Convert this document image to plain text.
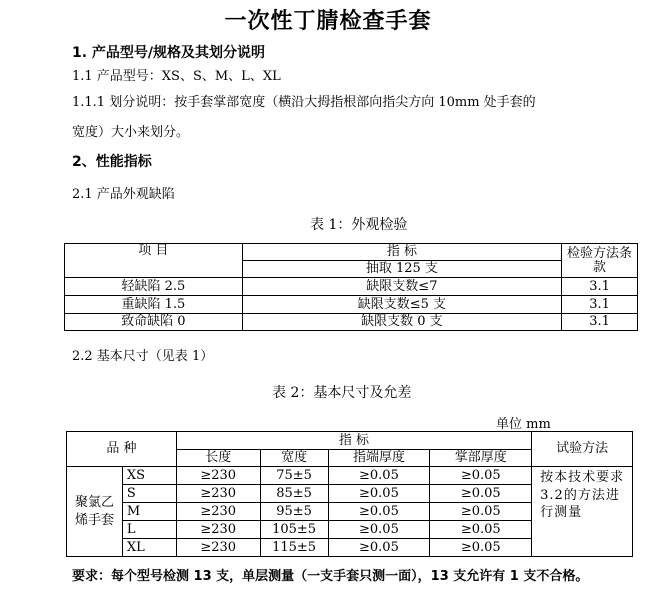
一次性丁腈检查手套
1. 产品型号/规格及其划分说明
1.1 产品型号：XS、S、M、L、XL
1.1.1 划分说明：按手套掌部宽度（横沿大拇指根部向指尖方向 10mm 处手套的
宽度）大小来划分。
2、性能指标
2.1 产品外观缺陷
表 1：外观检验
项 目	指 标	检验方法条款
	抽取 125 支	
轻缺陷 2.5	缺限支数≤7	3.1
重缺陷 1.5	缺限支数≤5 支	3.1
致命缺陷 0	缺限支数 0 支	3.1
2.2 基本尺寸（见表 1）
表 2：基本尺寸及允差
单位 mm
品 种		指 标				试验方法
		长度	宽度	指端厚度	掌部厚度	
聚氯乙烯手套	XS	≥230	75±5	≥0.05	≥0.05	按本技术要求3.2的方法进行测量
	S	≥230	85±5	≥0.05	≥0.05	
	M	≥230	95±5	≥0.05	≥0.05	
	L	≥230	105±5	≥0.05	≥0.05	
	XL	≥230	115±5	≥0.05	≥0.05	
要求：每个型号检测 13 支，单层测量（一支手套只测一面），13 支允许有 1 支不合格。
